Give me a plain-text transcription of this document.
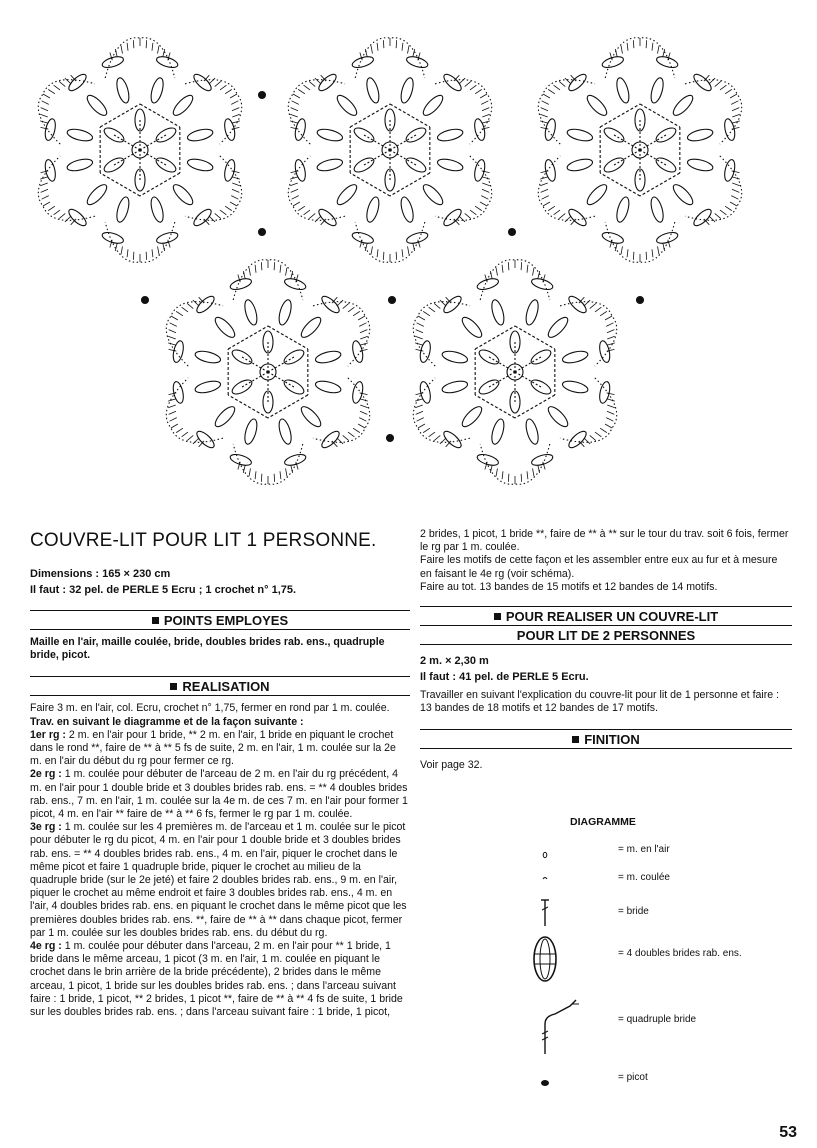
COUVRE-LIT POUR LIT 1 PERSONNE.
Dimensions : 165 × 230 cm
Il faut : 32 pel. de PERLE 5 Ecru ; 1 crochet n° 1,75.
POINTS EMPLOYES
Maille en l'air, maille coulée, bride, doubles brides rab. ens., quadruple bride, picot.
REALISATION
Faire 3 m. en l'air, col. Ecru, crochet n° 1,75, fermer en rond par 1 m. coulée.
Trav. en suivant le diagramme et de la façon suivante :
1er rg : 2 m. en l'air pour 1 bride, ** 2 m. en l'air, 1 bride en piquant le crochet dans le rond **, faire de ** à ** 5 fs de suite, 2 m. en l'air, 1 m. coulée sur la 2e m. en l'air du début du rg pour fermer ce rg.
2e rg : 1 m. coulée pour débuter de l'arceau de 2 m. en l'air du rg précédent, 4 m. en l'air pour 1 double bride et 3 doubles brides rab. ens. = ** 4 doubles brides rab. ens., 7 m. en l'air, 1 m. coulée sur la 4e m. de ces 7 m. en l'air pour former 1 picot, 4 m. en l'air ** faire de ** à ** 6 fs, fermer le rg par 1 m. coulée.
3e rg : 1 m. coulée sur les 4 premières m. de l'arceau et 1 m. coulée sur le picot pour débuter le rg du picot, 4 m. en l'air pour 1 double bride et 3 doubles brides rab. ens. = ** 4 doubles brides rab. ens., 4 m. en l'air, piquer le crochet dans le même picot et faire 1 quadruple bride, piquer le crochet au milieu de la quadruple bride (sur le 2e jeté) et faire 2 doubles brides rab. ens., 9 m. en l'air, piquer le crochet au même endroit et faire 3 doubles brides rab. ens., 4 m. en l'air, 4 doubles brides rab. ens. en piquant le crochet dans le même picot que les premières doubles brides rab. ens. **, faire de ** à ** dans chaque picot, fermer par 1 m. coulée sur les doubles brides rab. ens. du début du rg.
4e rg : 1 m. coulée pour débuter dans l'arceau, 2 m. en l'air pour ** 1 bride, 1 bride dans le même arceau, 1 picot (3 m. en l'air, 1 m. coulée en piquant le crochet dans le brin arrière de la bride précédente), 2 brides dans le même arceau, 1 picot, 1 bride sur les doubles brides rab. ens. ; dans l'arceau suivant faire : 1 bride, 1 picot, ** 2 brides, 1 picot **, faire de ** à ** 4 fs de suite, 1 bride sur les doubles brides rab. ens. ; dans l'arceau suivant faire : 1 bride, 1 picot,
2 brides, 1 picot, 1 bride **, faire de ** à ** sur le tour du trav. soit 6 fois, fermer le rg par 1 m. coulée.
Faire les motifs de cette façon et les assembler entre eux au fur et à mesure en faisant le 4e rg (voir schéma).
Faire au tot. 13 bandes de 15 motifs et 12 bandes de 14 motifs.
POUR REALISER UN COUVRE-LIT
POUR LIT DE 2 PERSONNES
2 m. × 2,30 m
Il faut : 41 pel. de PERLE 5 Ecru.
Travailler en suivant l'explication du couvre-lit pour lit de 1 personne et faire : 13 bandes de 18 motifs et 12 bandes de 17 motifs.
FINITION
Voir page 32.
DIAGRAMME
= m. en l'air
= m. coulée
= bride
= 4 doubles brides rab. ens.
= quadruple bride
= picot
53
